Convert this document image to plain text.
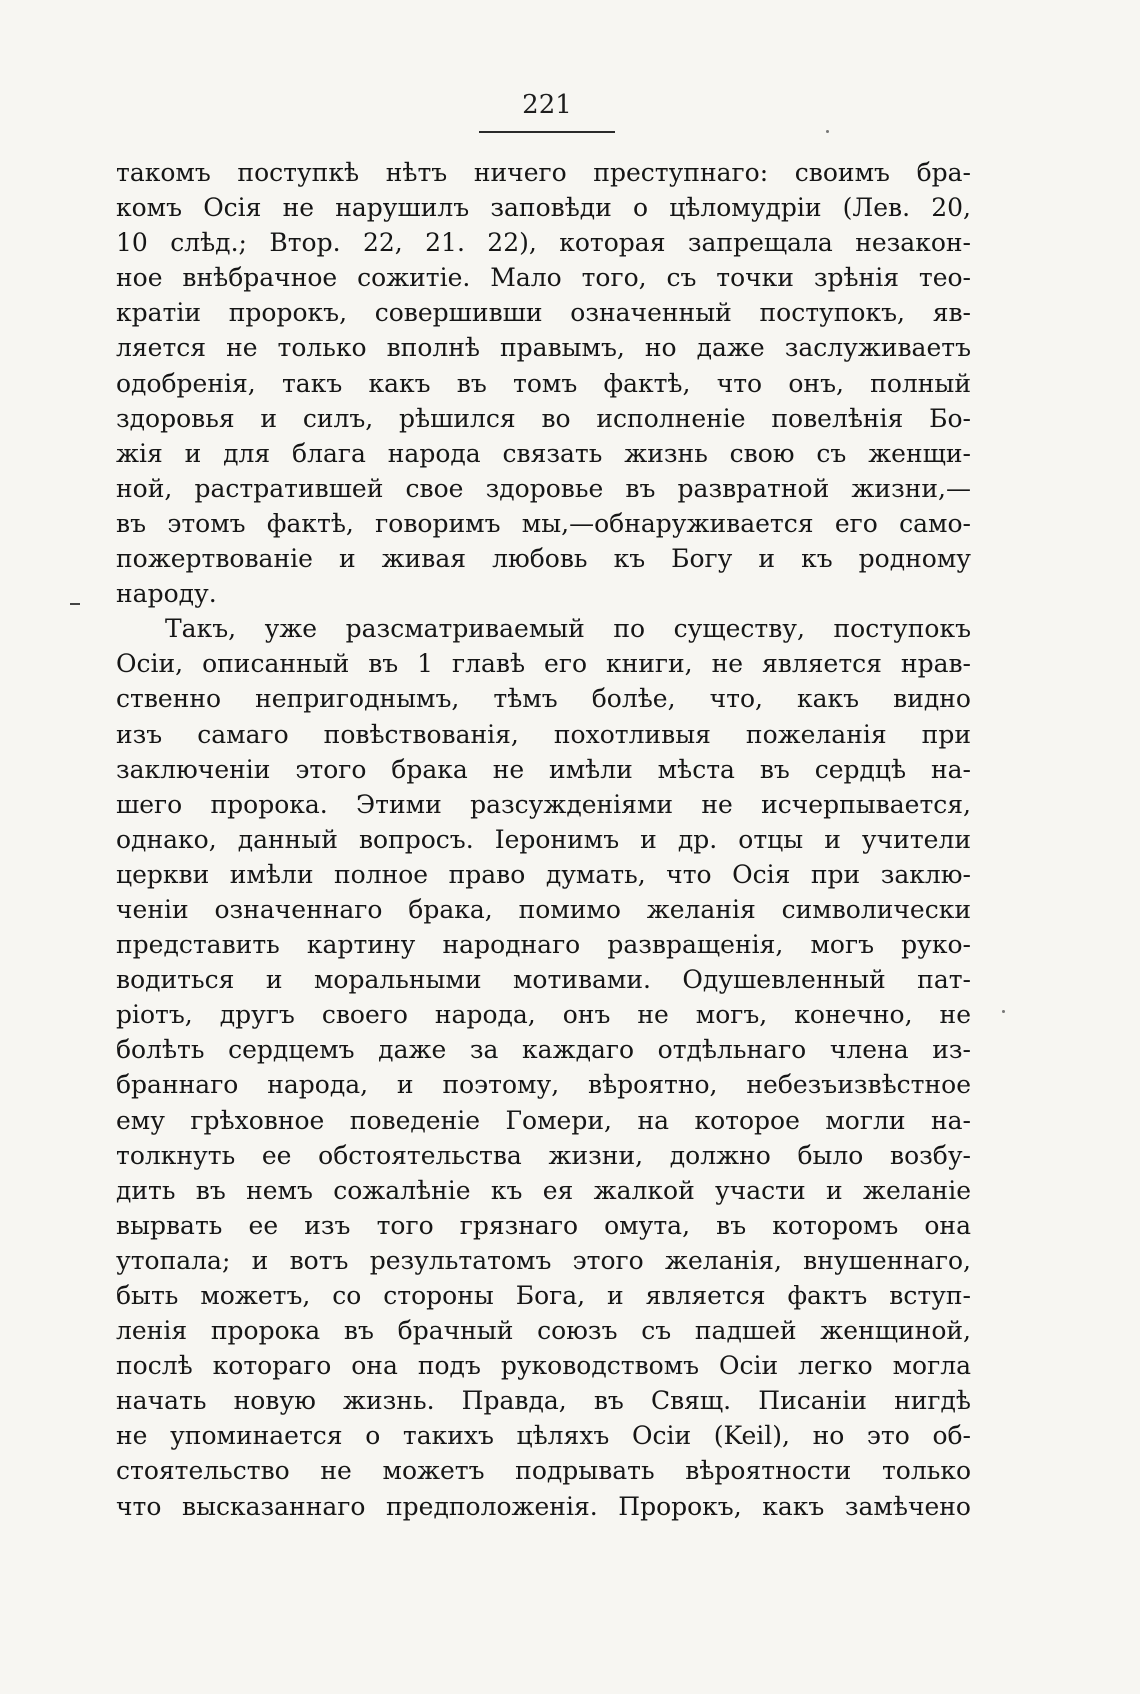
221
такомъ поступкѣ нѣтъ ничего преступнаго: своимъ бра-
комъ Осія не нарушилъ заповѣди о цѣломудріи (Лев. 20,
10 слѣд.; Втор. 22, 21. 22), которая запрещала незакон-
ное внѣбрачное сожитіе. Мало того, съ точки зрѣнія тео-
кратіи пророкъ, совершивши означенный поступокъ, яв-
ляется не только вполнѣ правымъ, но даже заслуживаетъ
одобренія, такъ какъ въ томъ фактѣ, что онъ, полный
здоровья и силъ, рѣшился во исполненіе повелѣнія Бо-
жія и для блага народа связать жизнь свою съ женщи-
ной, растратившей свое здоровье въ развратной жизни,—
въ этомъ фактѣ, говоримъ мы,—обнаруживается его само-
пожертвованіе и живая любовь къ Богу и къ родному
народу.
Такъ, уже разсматриваемый по существу, поступокъ
Осіи, описанный въ 1 главѣ его книги, не является нрав-
ственно непригоднымъ, тѣмъ болѣе, что, какъ видно
изъ самаго повѣствованія, похотливыя пожеланія при
заключеніи этого брака не имѣли мѣста въ сердцѣ на-
шего пророка. Этими разсужденіями не исчерпывается,
однако, данный вопросъ. Іеронимъ и др. отцы и учители
церкви имѣли полное право думать, что Осія при заклю-
ченіи означеннаго брака, помимо желанія символически
представить картину народнаго развращенія, могъ руко-
водиться и моральными мотивами. Одушевленный пат-
ріотъ, другъ своего народа, онъ не могъ, конечно, не
болѣть сердцемъ даже за каждаго отдѣльнаго члена из-
браннаго народа, и поэтому, вѣроятно, небезъизвѣстное
ему грѣховное поведеніе Гомери, на которое могли на-
толкнуть ее обстоятельства жизни, должно было возбу-
дить въ немъ сожалѣніе къ ея жалкой участи и желаніе
вырвать ее изъ того грязнаго омута, въ которомъ она
утопала; и вотъ результатомъ этого желанія, внушеннаго,
быть можетъ, со стороны Бога, и является фактъ вступ-
ленія пророка въ брачный союзъ съ падшей женщиной,
послѣ котораго она подъ руководствомъ Осіи легко могла
начать новую жизнь. Правда, въ Свящ. Писаніи нигдѣ
не упоминается о такихъ цѣляхъ Осіи (Keil), но это об-
стоятельство не можетъ подрывать вѣроятности только
что высказаннаго предположенія. Пророкъ, какъ замѣчено
